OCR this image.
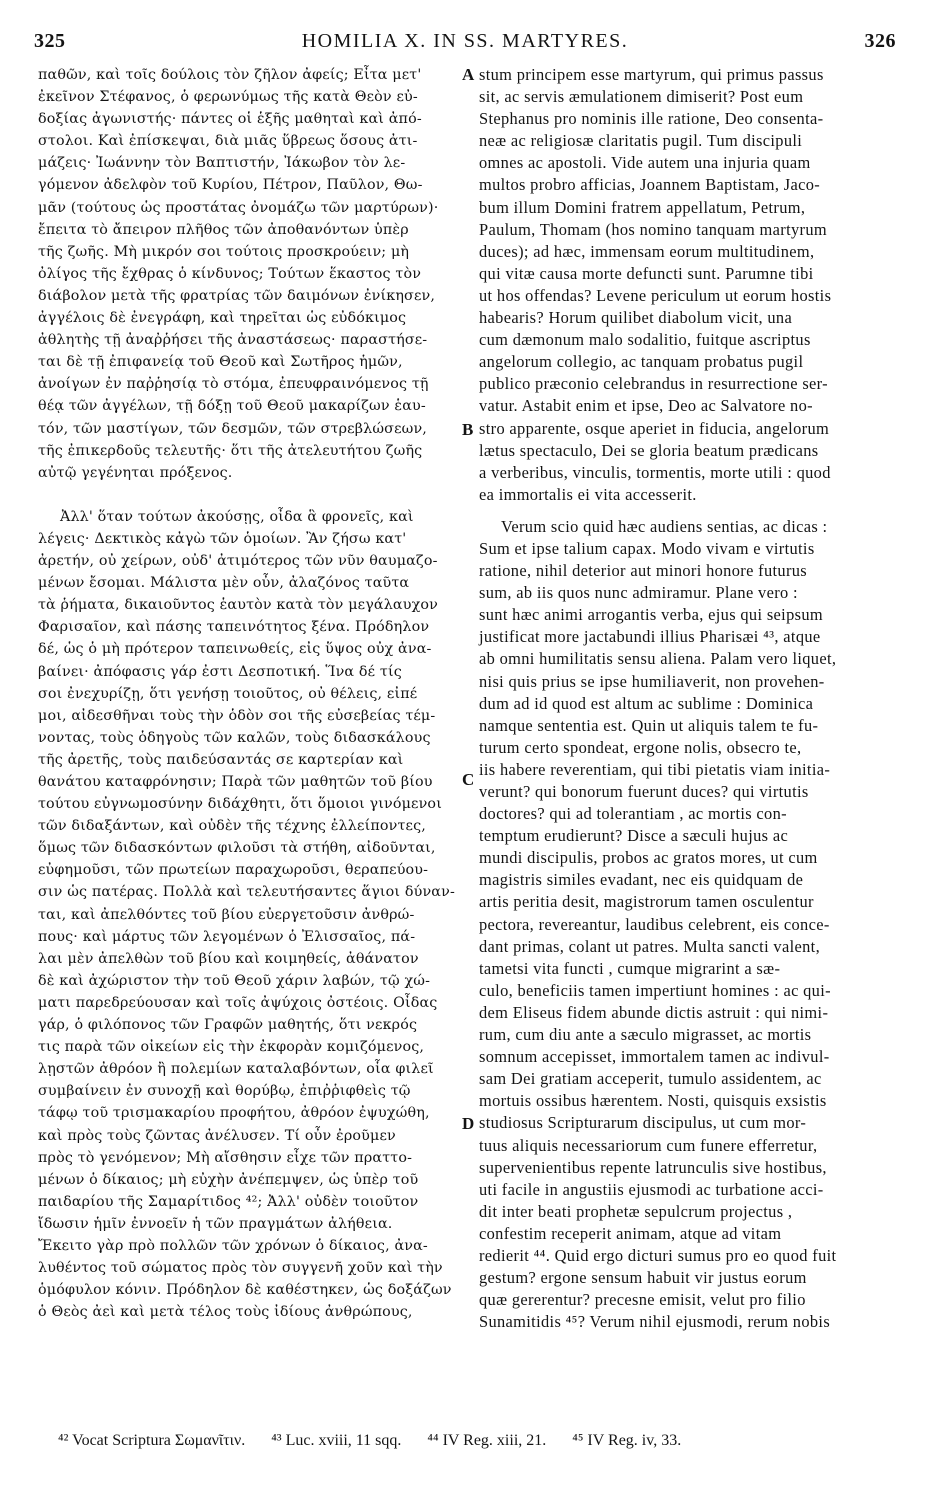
325	HOMILIA X. IN SS. MARTYRES.	326
παθῶν, καὶ τοῖς δούλοις τὸν ζῆλον ἀφείς; Εἶτα μετ'
ἐκεῖνον Στέφανος, ὁ φερωνύμως τῆς κατὰ Θεὸν εὐ-
δοξίας ἀγωνιστής· πάντες οἱ ἑξῆς μαθηταὶ καὶ ἀπό-
στολοι. Καὶ ἐπίσκεψαι, διὰ μιᾶς ὕβρεως ὅσους ἀτι-
μάζεις· Ἰωάννην τὸν Βαπτιστήν, Ἰάκωβον τὸν λε-
γόμενον ἀδελφὸν τοῦ Κυρίου, Πέτρον, Παῦλον, Θω-
μᾶν (τούτους ὡς προστάτας ὀνομάζω τῶν μαρτύρων)·
ἔπειτα τὸ ἄπειρον πλῆθος τῶν ἀποθανόντων ὑπὲρ
τῆς ζωῆς. Μὴ μικρόν σοι τούτοις προσκρούειν; μὴ
ὀλίγος τῆς ἔχθρας ὁ κίνδυνος; Τούτων ἕκαστος τὸν
διάβολον μετὰ τῆς φρατρίας τῶν δαιμόνων ἐνίκησεν,
ἀγγέλοις δὲ ἐνεγράφη, καὶ τηρεῖται ὡς εὐδόκιμος
ἀθλητὴς τῇ ἀναῤῥήσει τῆς ἀναστάσεως· παραστήσε-
ται δὲ τῇ ἐπιφανείᾳ τοῦ Θεοῦ καὶ Σωτῆρος ἡμῶν,
ἀνοίγων ἐν παῤῥησίᾳ τὸ στόμα, ἐπευφραινόμενος τῇ
θέᾳ τῶν ἀγγέλων, τῇ δόξῃ τοῦ Θεοῦ μακαρίζων ἑαυ-
τόν, τῶν μαστίγων, τῶν δεσμῶν, τῶν στρεβλώσεων,
τῆς ἐπικερδοῦς τελευτῆς· ὅτι τῆς ἀτελευτήτου ζωῆς
αὐτῷ γεγένηται πρόξενος.
Ἀλλ' ὅταν τούτων ἀκούσῃς, οἶδα ἃ φρονεῖς, καὶ
λέγεις· Δεκτικὸς κἀγὼ τῶν ὁμοίων. Ἂν ζήσω κατ'
ἀρετήν, οὐ χείρων, οὐδ' ἀτιμότερος τῶν νῦν θαυμαζο-
μένων ἔσομαι. Μάλιστα μὲν οὖν, ἀλαζόνος ταῦτα
τὰ ῥήματα, δικαιοῦντος ἑαυτὸν κατὰ τὸν μεγάλαυχον
Φαρισαῖον, καὶ πάσης ταπεινότητος ξένα. Πρόδηλον
δέ, ὡς ὁ μὴ πρότερον ταπεινωθείς, εἰς ὕψος οὐχ ἀνα-
βαίνει· ἀπόφασις γάρ ἐστι Δεσποτική. Ἵνα δέ τίς
σοι ἐνεχυρίζῃ, ὅτι γενήσῃ τοιοῦτος, οὐ θέλεις, εἰπέ
μοι, αἰδεσθῆναι τοὺς τὴν ὁδὸν σοι τῆς εὐσεβείας τέμ-
νοντας, τοὺς ὁδηγοὺς τῶν καλῶν, τοὺς διδασκάλους
τῆς ἀρετῆς, τοὺς παιδεύσαντάς σε καρτερίαν καὶ
θανάτου καταφρόνησιν; Παρὰ τῶν μαθητῶν τοῦ βίου
τούτου εὐγνωμοσύνην διδάχθητι, ὅτι ὅμοιοι γινόμενοι
τῶν διδαξάντων, καὶ οὐδὲν τῆς τέχνης ἐλλείποντες,
ὅμως τῶν διδασκόντων φιλοῦσι τὰ στήθη, αἰδοῦνται,
εὐφημοῦσι, τῶν πρωτείων παραχωροῦσι, θεραπεύου-
σιν ὡς πατέρας. Πολλὰ καὶ τελευτήσαντες ἅγιοι δύναν-
ται, καὶ ἀπελθόντες τοῦ βίου εὐεργετοῦσιν ἀνθρώ-
πους· καὶ μάρτυς τῶν λεγομένων ὁ Ἐλισσαῖος, πά-
λαι μὲν ἀπελθὼν τοῦ βίου καὶ κοιμηθείς, ἀθάνατον
δὲ καὶ ἀχώριστον τὴν τοῦ Θεοῦ χάριν λαβών, τῷ χώ-
ματι παρεδρεύουσαν καὶ τοῖς ἀψύχοις ὀστέοις. Οἶδας
γάρ, ὁ φιλόπονος τῶν Γραφῶν μαθητής, ὅτι νεκρός
τις παρὰ τῶν οἰκείων εἰς τὴν ἐκφορὰν κομιζόμενος,
λῃστῶν ἀθρόον ἢ πολεμίων καταλαβόντων, οἷα φιλεῖ
συμβαίνειν ἐν συνοχῇ καὶ θορύβῳ, ἐπιῤῥιφθεὶς τῷ
τάφῳ τοῦ τρισμακαρίου προφήτου, ἀθρόον ἐψυχώθη,
καὶ πρὸς τοὺς ζῶντας ἀνέλυσεν. Τί οὖν ἐροῦμεν
πρὸς τὸ γενόμενον; Μὴ αἴσθησιν εἶχε τῶν πραττο-
μένων ὁ δίκαιος; μὴ εὐχὴν ἀνέπεμψεν, ὡς ὑπὲρ τοῦ
παιδαρίου τῆς Σαμαρίτιδος ⁴²; Ἀλλ' οὐδὲν τοιοῦτον
ἴδωσιν ἡμῖν ἐννοεῖν ἡ τῶν πραγμάτων ἀλήθεια.
Ἔκειτο γὰρ πρὸ πολλῶν τῶν χρόνων ὁ δίκαιος, ἀνα-
λυθέντος τοῦ σώματος πρὸς τὸν συγγενῆ χοῦν καὶ τὴν
ὁμόφυλον κόνιν. Πρόδηλον δὲ καθέστηκεν, ὡς δοξάζων
ὁ Θεὸς ἀεὶ καὶ μετὰ τέλος τοὺς ἰδίους ἀνθρώπους,
stum principem esse martyrum, qui primus passus
sit, ac servis æmulationem dimiserit? Post eum
Stephanus pro nominis ille ratione, Deo consenta-
neæ ac religiosæ claritatis pugil. Tum discipuli
omnes ac apostoli. Vide autem una injuria quam
multos probro afficias, Joannem Baptistam, Jaco-
bum illum Domini fratrem appellatum, Petrum,
Paulum, Thomam (hos nomino tanquam martyrum
duces); ad hæc, immensam eorum multitudinem,
qui vitæ causa morte defuncti sunt. Parumne tibi
ut hos offendas? Levene periculum ut eorum hostis
habearis? Horum quilibet diabolum vicit, una
cum dæmonum malo sodalitio, fuitque ascriptus
angelorum collegio, ac tanquam probatus pugil
publico præconio celebrandus in resurrectione ser-
vatur. Astabit enim et ipse, Deo ac Salvatore no-
stro apparente, osque aperiet in fiducia, angelorum
lætus spectaculo, Dei se gloria beatum prædicans
a verberibus, vinculis, tormentis, morte utili : quod
ea immortalis ei vita accesserit.
Verum scio quid hæc audiens sentias, ac dicas :
Sum et ipse talium capax. Modo vivam e virtutis
ratione, nihil deterior aut minori honore futurus
sum, ab iis quos nunc admiramur. Plane vero :
sunt hæc animi arrogantis verba, ejus qui seipsum
justificat more jactabundi illius Pharisæi ⁴³, atque
ab omni humilitatis sensu aliena. Palam vero liquet,
nisi quis prius se ipse humiliaverit, non provehen-
dum ad id quod est altum ac sublime : Dominica
namque sententia est. Quin ut aliquis talem te fu-
turum certo spondeat, ergone nolis, obsecro te,
iis habere reverentiam, qui tibi pietatis viam initia-
verunt? qui bonorum fuerunt duces? qui virtutis
doctores? qui ad tolerantiam , ac mortis con-
temptum erudierunt? Disce a sæculi hujus ac
mundi discipulis, probos ac gratos mores, ut cum
magistris similes evadant, nec eis quidquam de
artis peritia desit, magistrorum tamen osculentur
pectora, revereantur, laudibus celebrent, eis conce-
dant primas, colant ut patres. Multa sancti valent,
tametsi vita functi , cumque migrarint a sæ-
culo, beneficiis tamen impertiunt homines : ac qui-
dem Eliseus fidem abunde dictis astruit : qui nimi-
rum, cum diu ante a sæculo migrasset, ac mortis
somnum accepisset, immortalem tamen ac indivul-
sam Dei gratiam acceperit, tumulo assidentem, ac
mortuis ossibus hærentem. Nosti, quisquis exsistis
studiosus Scripturarum discipulus, ut cum mor-
tuus aliquis necessariorum cum funere efferretur,
supervenientibus repente latrunculis sive hostibus,
uti facile in angustiis ejusmodi ac turbatione acci-
dit inter beati prophetæ sepulcrum projectus ,
confestim receperit animam, atque ad vitam
redierit ⁴⁴. Quid ergo dicturi sumus pro eo quod fuit
gestum? ergone sensum habuit vir justus eorum
quæ gererentur? precesne emisit, velut pro filio
Sunamitidis ⁴⁵? Verum nihil ejusmodi, rerum nobis
A
B
C
D
⁴² Vocat Scriptura Σωμανῖτιν. ⁴³ Luc. xviii, 11 sqq. ⁴⁴ IV Reg. xiii, 21. ⁴⁵ IV Reg. iv, 33.
